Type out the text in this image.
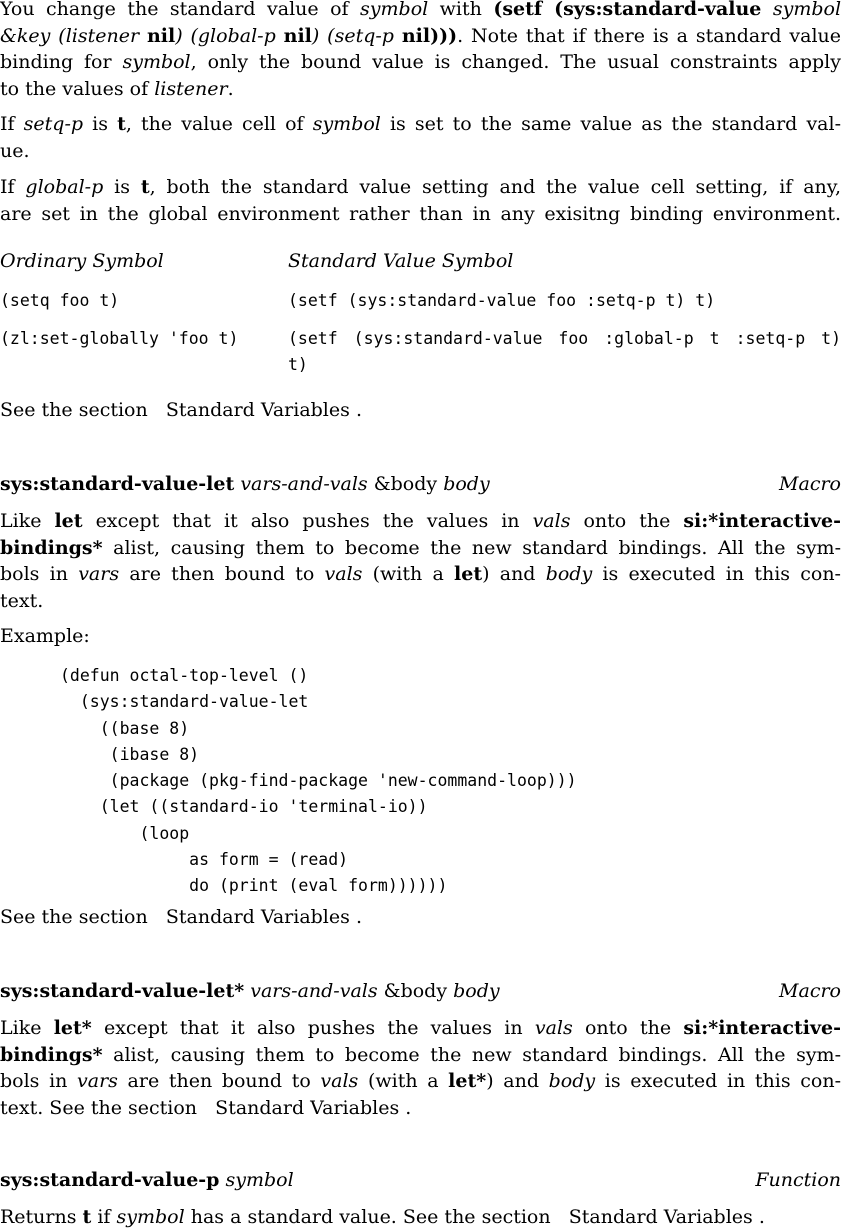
You change the standard value of symbol with (setf (sys:standard-value symbol
&key (listener nil) (global-p nil) (setq-p nil))). Note that if there is a standard value
binding for symbol, only the bound value is changed. The usual constraints apply
to the values of listener.
If setq-p is t, the value cell of symbol is set to the same value as the standard val-
ue.
If global-p is t, both the standard value setting and the value cell setting, if any,
are set in the global environment rather than in any exisitng binding environment.
Ordinary Symbol	Standard Value Symbol
(setq foo t)	(setf (sys:standard-value foo :setq-p t) t)
(zl:set-globally 'foo t)	(setf (sys:standard-value foo :global-p t :setq-p t)
t)
See the section Standard Variables .
sys:standard-value-let vars-and-vals &body body	Macro
Like let except that it also pushes the values in vals onto the si:*interactive-
bindings* alist, causing them to become the new standard bindings. All the sym-
bols in vars are then bound to vals (with a let) and body is executed in this con-
text.
Example:
(defun octal-top-level ()
(sys:standard-value-let
((base 8)
(ibase 8)
(package (pkg-find-package 'new-command-loop)))
(let ((standard-io 'terminal-io))
(loop
as form = (read)
do (print (eval form))))))
See the section Standard Variables .
sys:standard-value-let* vars-and-vals &body body	Macro
Like let* except that it also pushes the values in vals onto the si:*interactive-
bindings* alist, causing them to become the new standard bindings. All the sym-
bols in vars are then bound to vals (with a let*) and body is executed in this con-
text. See the section Standard Variables .
sys:standard-value-p symbol	Function
Returns t if symbol has a standard value. See the section Standard Variables .
